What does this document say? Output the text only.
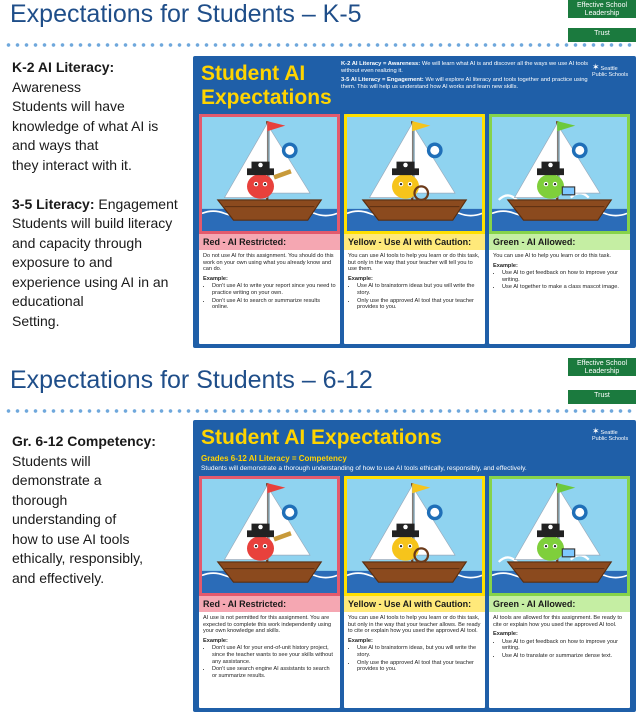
Expectations for Students – K-5	Effective School Leadership
Trust
K-2 AI Literacy:
Awareness
Students will have
knowledge of what AI is
and ways that
they interact with it.
3-5 Literacy: Engagement
Students will build literacy
and capacity through
exposure to and
experience using AI in an
educational
Setting.
Student AI
Expectations
K-2 AI Literacy = Awareness: We will learn what AI is and discover all the ways we use AI tools without even realizing it.
3-5 AI Literacy = Engagement: We will explore AI literacy and tools together and practice using them. This will help us understand how AI works and learn new skills.
✶Seattle Public Schools
Red - AI Restricted:

Do not use AI for this assignment. You should do this work on your own using what you already know and can do.

Example:
• Don't use AI to write your report since you need to practice writing on your own.
• Don't use AI to search or summarize results online.
Yellow - Use AI with Caution:

You can use AI tools to help you learn or do this task, but only in the way that your teacher will tell you to use them.

Example:
• Use AI to brainstorm ideas but you will write the story.
• Only use the approved AI tool that your teacher provides to you.
Green - AI Allowed:

You can use AI to help you learn or do this task.

Example:
• Use AI to get feedback on how to improve your writing.
• Use AI together to make a class mascot image.
Expectations for Students – 6-12
Effective School Leadership
Trust
Gr. 6-12 Competency:
Students will
demonstrate a
thorough
understanding of
how to use AI tools
ethically, responsibly,
and effectively.
Student AI Expectations
Grades 6-12 AI Literacy = Competency
Students will demonstrate a thorough understanding of how to use AI tools ethically, responsibly, and effectively.
✶Seattle Public Schools
Red - AI Restricted:

AI use is not permitted for this assignment. You are expected to complete this work independently using your own knowledge and skills.

Example:
• Don't use AI for your end-of-unit history project, since the teacher wants to see your skills without any assistance.
• Don't use search engine AI assistants to search or summarize results.
Yellow - Use AI with Caution:

You can use AI tools to help you learn or do this task, but only in the way that your teacher allows. Be ready to cite or explain how you used the approved AI tool.

Example:
• Use AI to brainstorm ideas, but you will write the story.
• Only use the approved AI tool that your teacher provides to you.
Green - AI Allowed:

AI tools are allowed for this assignment. Be ready to cite or explain how you used the approved AI tool.

Example:
• Use AI to get feedback on how to improve your writing.
• Use AI to translate or summarize dense text.
